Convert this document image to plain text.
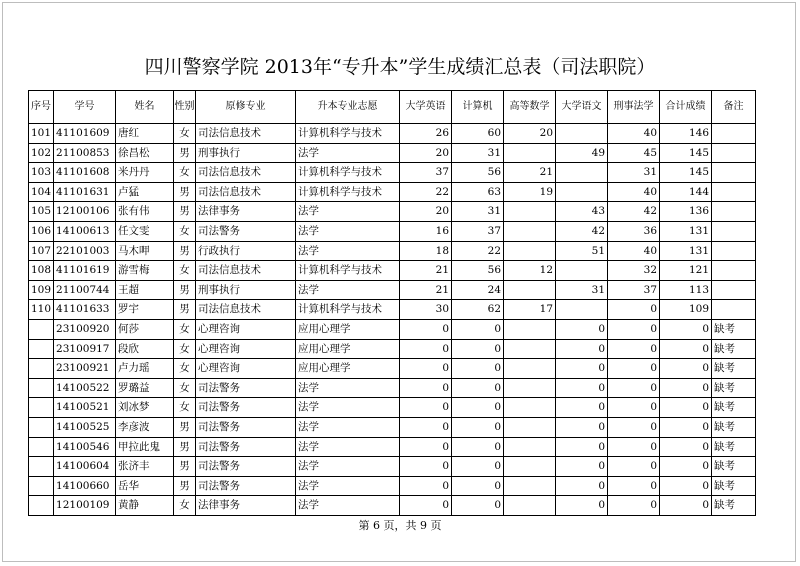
四川警察学院 2013年“专升本”学生成绩汇总表（司法职院）
序号	学号	姓名	性别	原修专业	升本专业志愿	大学英语	计算机	高等数学	大学语文	刑事法学	合计成绩	备注
101	41101609	唐红	女	司法信息技术	计算机科学与技术	26	60	20		40	146	
102	21100853	徐昌松	男	刑事执行	法学	20	31		49	45	145	
103	41101608	米丹丹	女	司法信息技术	计算机科学与技术	37	56	21		31	145	
104	41101631	卢猛	男	司法信息技术	计算机科学与技术	22	63	19		40	144	
105	12100106	张有伟	男	法律事务	法学	20	31		43	42	136	
106	14100613	任文雯	女	司法警务	法学	16	37		42	36	131	
107	22101003	马木呷	男	行政执行	法学	18	22		51	40	131	
108	41101619	游雪梅	女	司法信息技术	计算机科学与技术	21	56	12		32	121	
109	21100744	王超	男	刑事执行	法学	21	24		31	37	113	
110	41101633	罗宇	男	司法信息技术	计算机科学与技术	30	62	17		0	109	
	23100920	何莎	女	心理咨询	应用心理学	0	0		0	0	0	缺考
	23100917	段欣	女	心理咨询	应用心理学	0	0		0	0	0	缺考
	23100921	卢力瑶	女	心理咨询	应用心理学	0	0		0	0	0	缺考
	14100522	罗璐益	女	司法警务	法学	0	0		0	0	0	缺考
	14100521	刘冰梦	女	司法警务	法学	0	0		0	0	0	缺考
	14100525	李彦波	男	司法警务	法学	0	0		0	0	0	缺考
	14100546	甲拉此鬼	男	司法警务	法学	0	0		0	0	0	缺考
	14100604	张济丰	男	司法警务	法学	0	0		0	0	0	缺考
	14100660	岳华	男	司法警务	法学	0	0		0	0	0	缺考
	12100109	黄静	女	法律事务	法学	0	0		0	0	0	缺考
第 6 页，共 9 页
